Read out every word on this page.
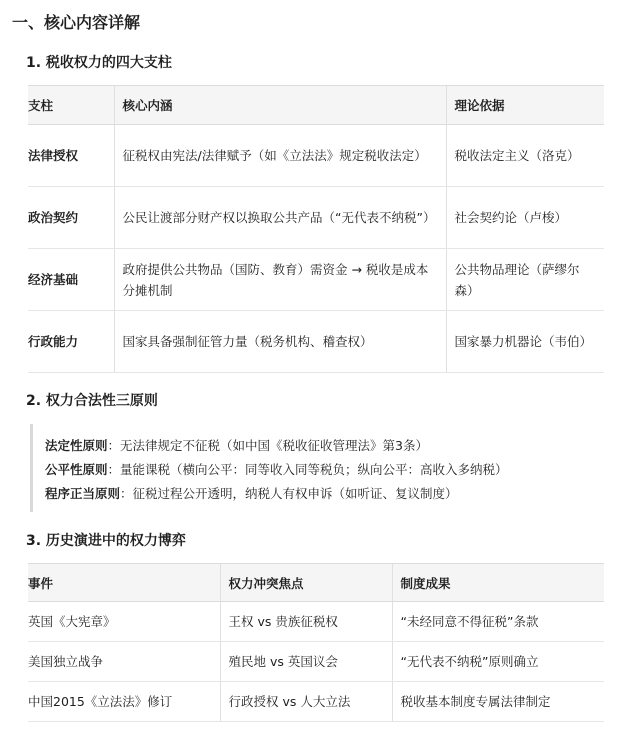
一、核心内容详解
1. 税收权力的四大支柱
支柱	核心内涵	理论依据
法律授权	征税权由宪法/法律赋予（如《立法法》规定税收法定）	税收法定主义（洛克）
政治契约	公民让渡部分财产权以换取公共产品（“无代表不纳税”）	社会契约论（卢梭）
经济基础	政府提供公共物品（国防、教育）需资金 → 税收是成本分摊机制	公共物品理论（萨缪尔森）
行政能力	国家具备强制征管力量（税务机构、稽查权）	国家暴力机器论（韦伯）
2. 权力合法性三原则
法定性原则：无法律规定不征税（如中国《税收征收管理法》第3条）
公平性原则：量能课税（横向公平：同等收入同等税负；纵向公平：高收入多纳税）
程序正当原则：征税过程公开透明，纳税人有权申诉（如听证、复议制度）
3. 历史演进中的权力博弈
事件	权力冲突焦点	制度成果
英国《大宪章》	王权 vs 贵族征税权	“未经同意不得征税”条款
美国独立战争	殖民地 vs 英国议会	“无代表不纳税”原则确立
中国2015《立法法》修订	行政授权 vs 人大立法	税收基本制度专属法律制定
